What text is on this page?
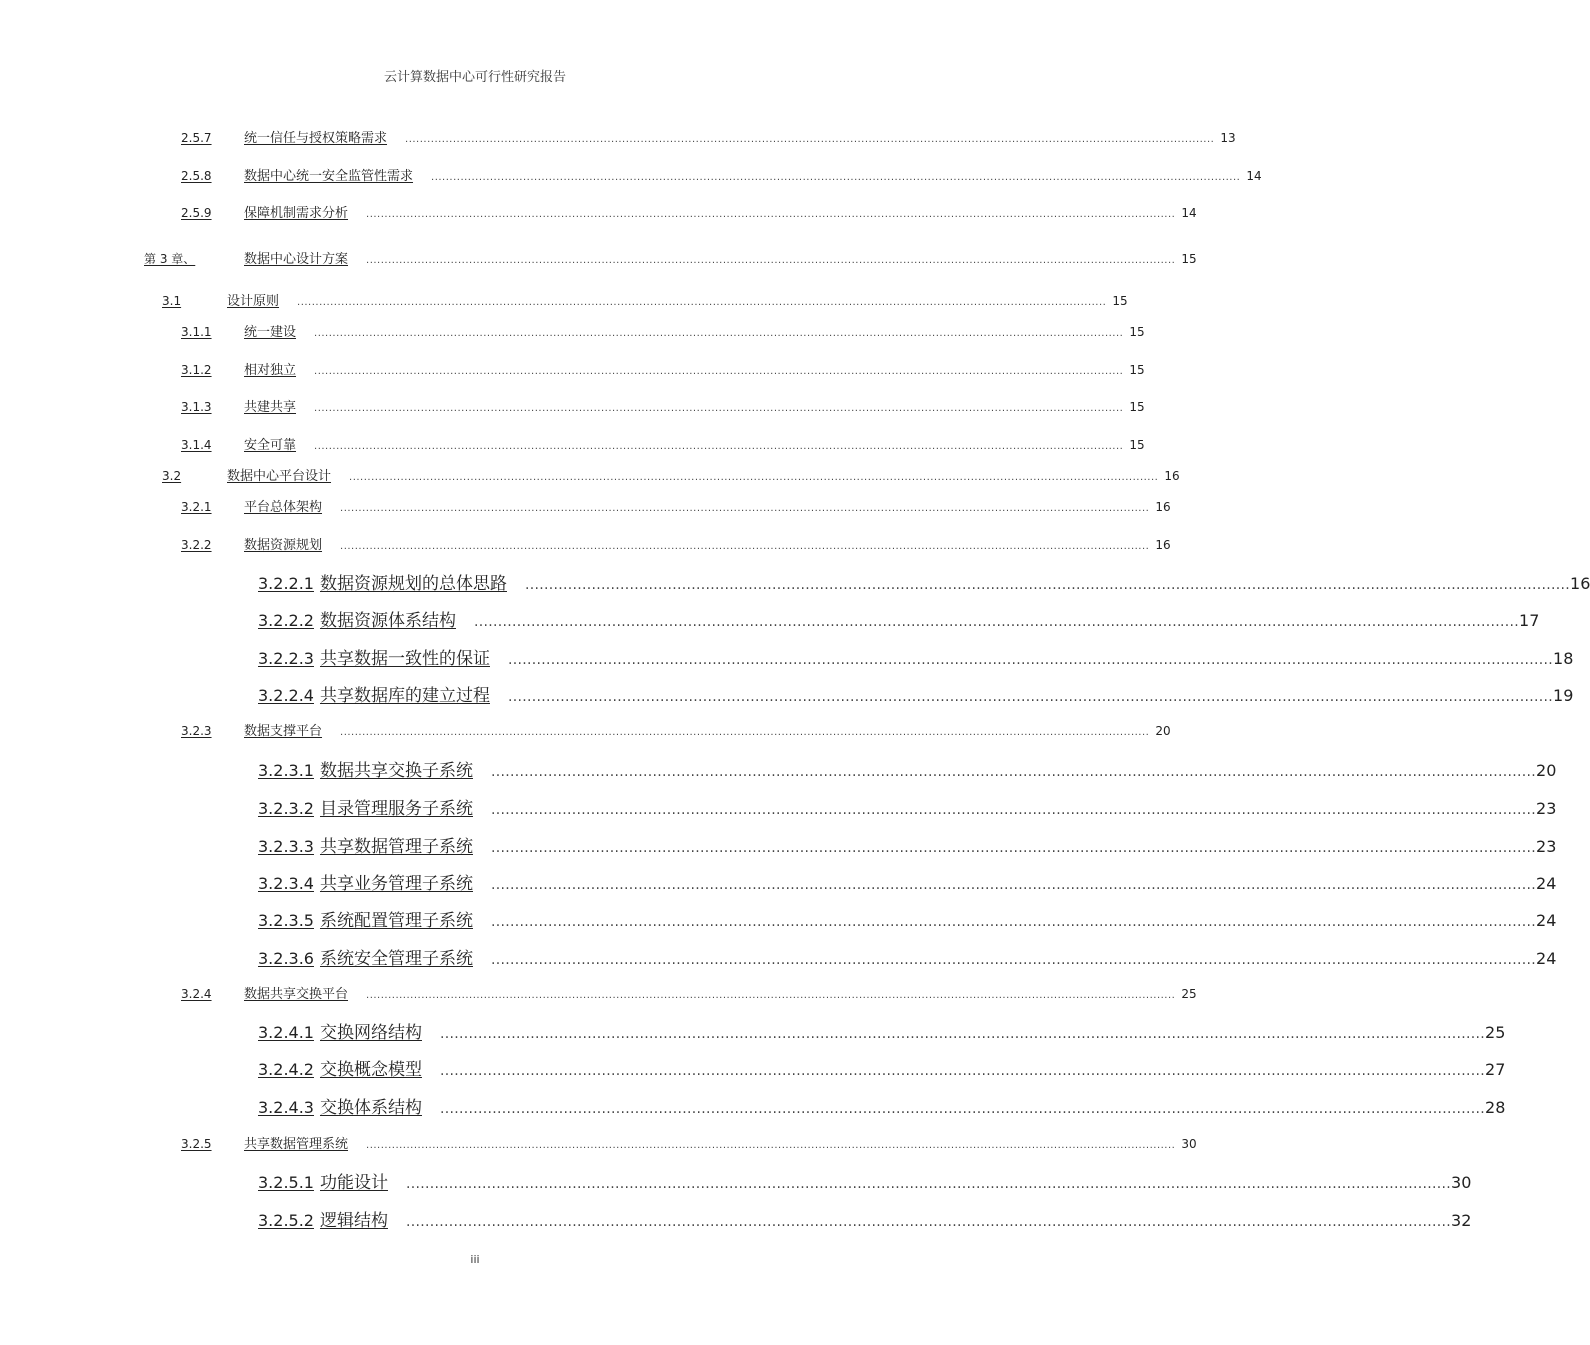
云计算数据中心可行性研究报告
2.5.7	统一信任与授权策略需求	............................................................................................................................................................................................................................ 13
2.5.8	数据中心统一安全监管性需求	............................................................................................................................................................................................................................ 14
2.5.9	保障机制需求分析	............................................................................................................................................................................................................................ 14
第 3 章、	数据中心设计方案	............................................................................................................................................................................................................................ 15
3.1	设计原则	............................................................................................................................................................................................................................ 15
3.1.1	统一建设	............................................................................................................................................................................................................................ 15
3.1.2	相对独立	............................................................................................................................................................................................................................ 15
3.1.3	共建共享	............................................................................................................................................................................................................................ 15
3.1.4	安全可靠	............................................................................................................................................................................................................................ 15
3.2	数据中心平台设计	............................................................................................................................................................................................................................ 16
3.2.1	平台总体架构	............................................................................................................................................................................................................................ 16
3.2.2	数据资源规划	............................................................................................................................................................................................................................ 16
3.2.2.1 数据资源规划的总体思路	............................................................................................................................................................................................................................ 16
3.2.2.2 数据资源体系结构	............................................................................................................................................................................................................................ 17
3.2.2.3 共享数据一致性的保证	............................................................................................................................................................................................................................ 18
3.2.2.4 共享数据库的建立过程	............................................................................................................................................................................................................................ 19
3.2.3	数据支撑平台	............................................................................................................................................................................................................................ 20
3.2.3.1 数据共享交换子系统	............................................................................................................................................................................................................................ 20
3.2.3.2 目录管理服务子系统	............................................................................................................................................................................................................................ 23
3.2.3.3 共享数据管理子系统	............................................................................................................................................................................................................................ 23
3.2.3.4 共享业务管理子系统	............................................................................................................................................................................................................................ 24
3.2.3.5 系统配置管理子系统	............................................................................................................................................................................................................................ 24
3.2.3.6 系统安全管理子系统	............................................................................................................................................................................................................................ 24
3.2.4	数据共享交换平台	............................................................................................................................................................................................................................ 25
3.2.4.1 交换网络结构	............................................................................................................................................................................................................................ 25
3.2.4.2 交换概念模型	............................................................................................................................................................................................................................ 27
3.2.4.3 交换体系结构	............................................................................................................................................................................................................................ 28
3.2.5	共享数据管理系统	............................................................................................................................................................................................................................ 30
3.2.5.1 功能设计	............................................................................................................................................................................................................................ 30
3.2.5.2 逻辑结构	............................................................................................................................................................................................................................ 32
iii
